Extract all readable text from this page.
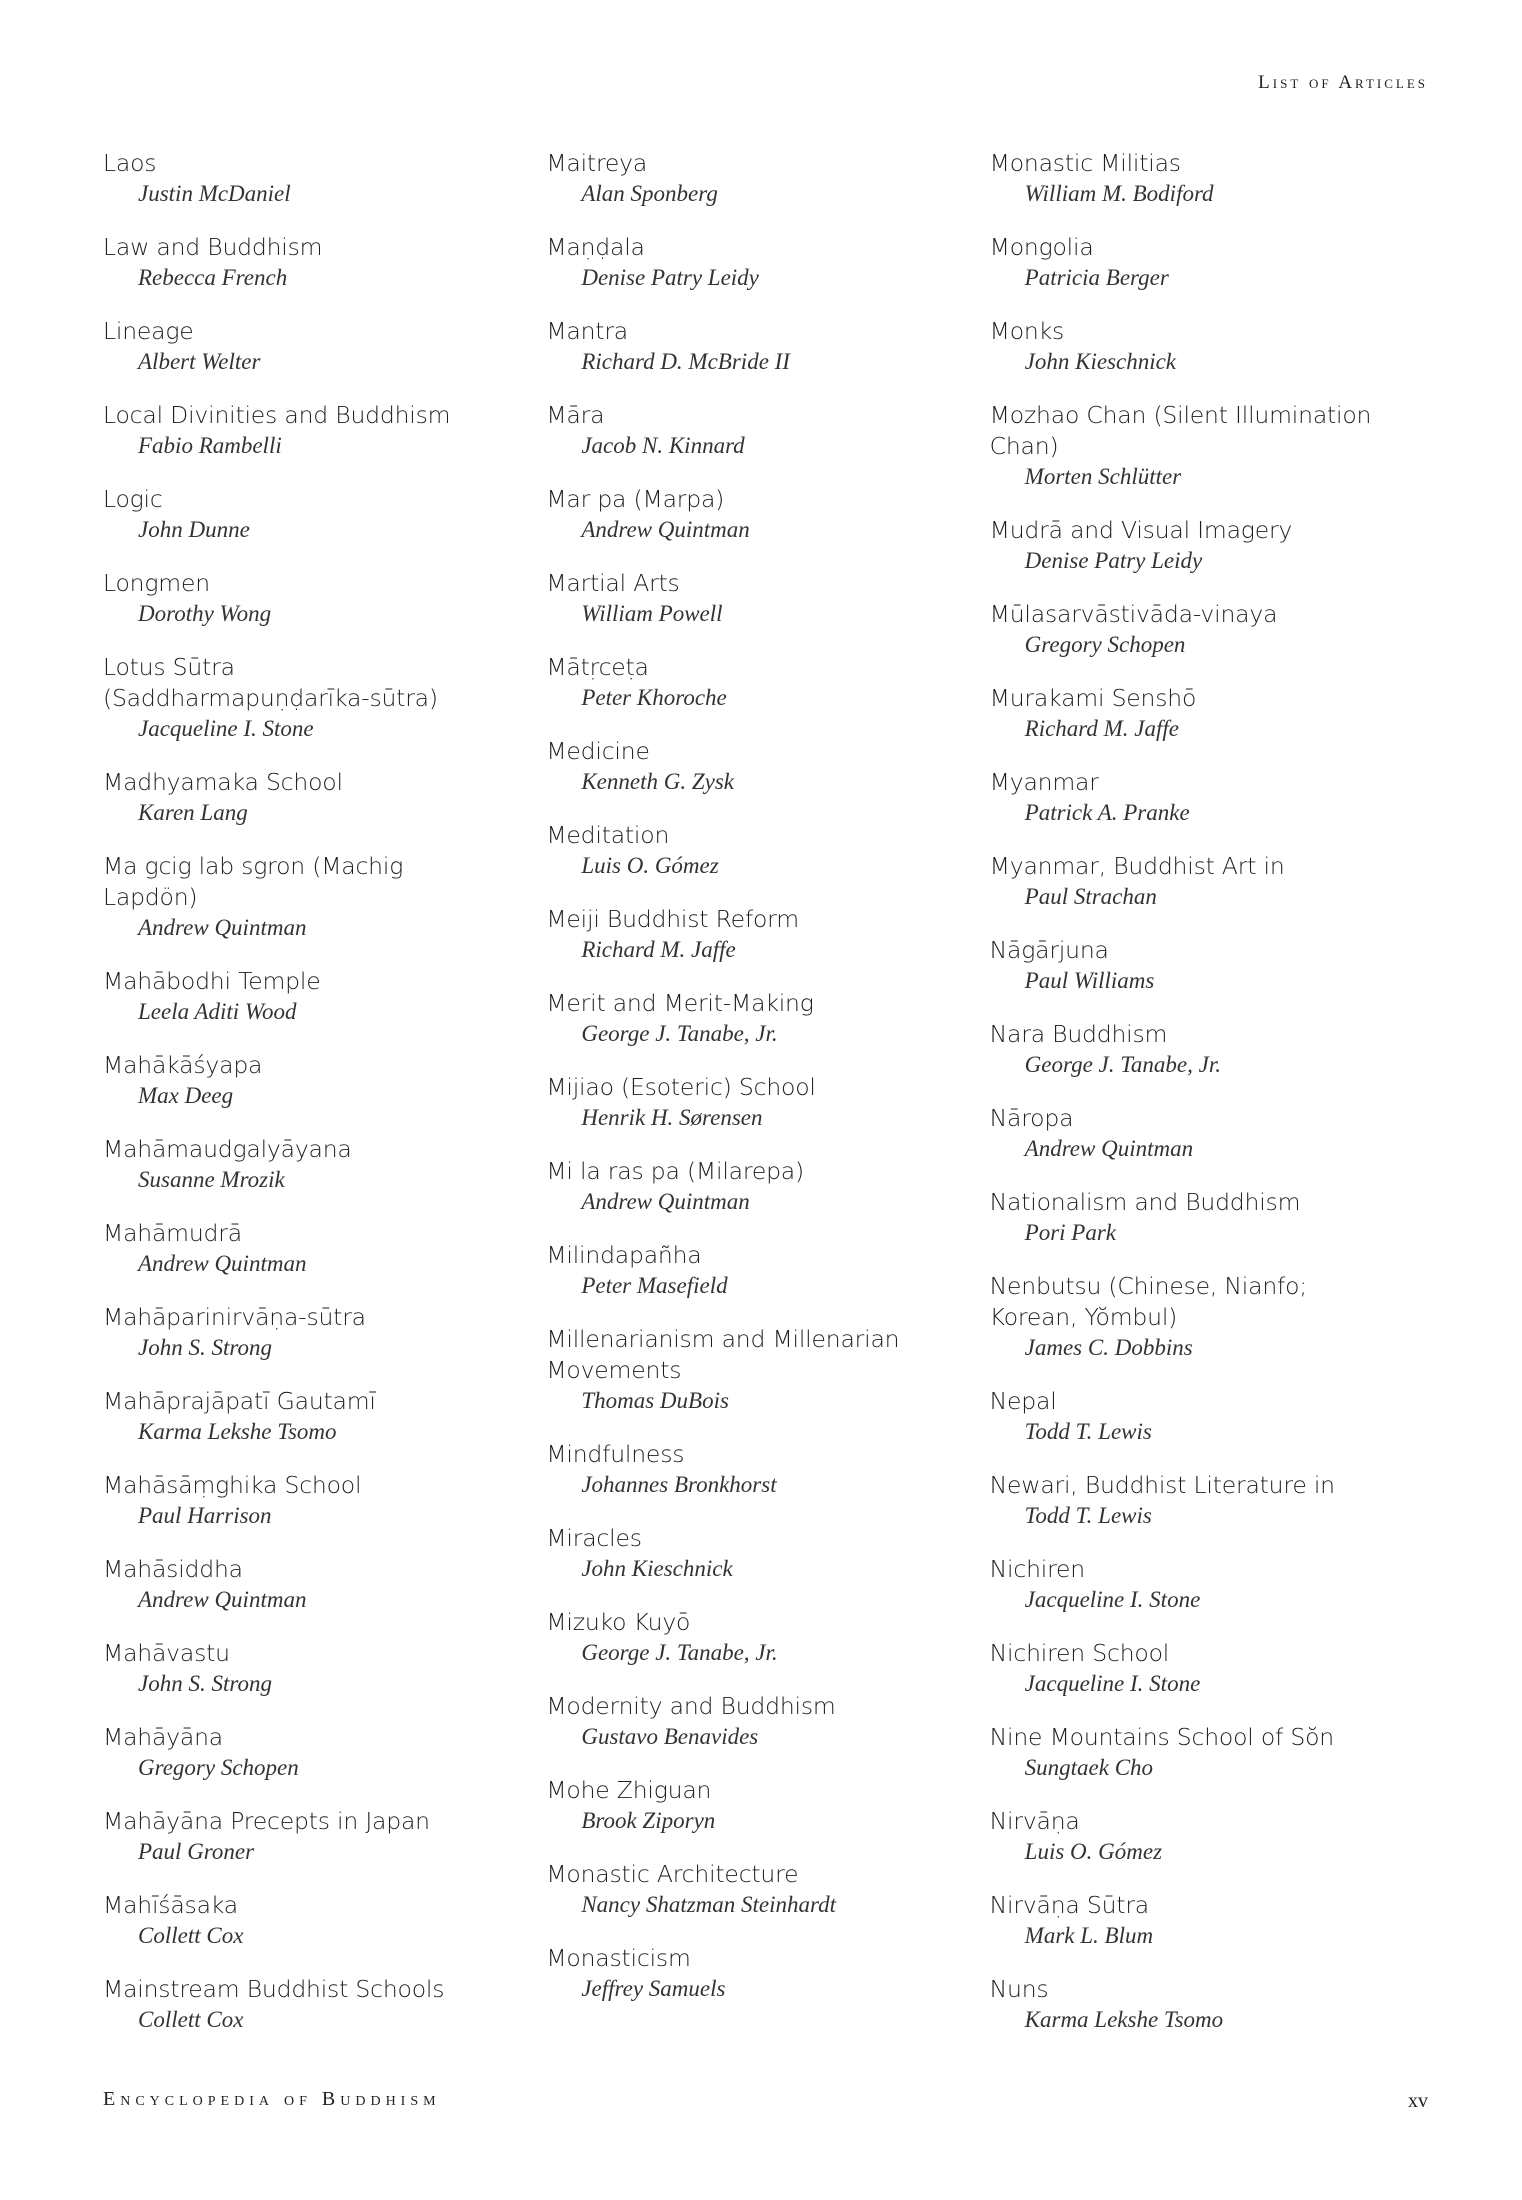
List of Articles
Laos
Justin McDaniel
Law and Buddhism
Rebecca French
Lineage
Albert Welter
Local Divinities and Buddhism
Fabio Rambelli
Logic
John Dunne
Longmen
Dorothy Wong
Lotus Sūtra (Saddharmapuṇḍarīka-sūtra)
Jacqueline I. Stone
Madhyamaka School
Karen Lang
Ma gcig lab sgron (Machig Lapdön)
Andrew Quintman
Mahābodhi Temple
Leela Aditi Wood
Mahākāśyapa
Max Deeg
Mahāmaudgalyāyana
Susanne Mrozik
Mahāmudrā
Andrew Quintman
Mahāparinirvāṇa-sūtra
John S. Strong
Mahāprajāpatī Gautamī
Karma Lekshe Tsomo
Mahāsāṃghika School
Paul Harrison
Mahāsiddha
Andrew Quintman
Mahāvastu
John S. Strong
Mahāyāna
Gregory Schopen
Mahāyāna Precepts in Japan
Paul Groner
Mahīśāsaka
Collett Cox
Mainstream Buddhist Schools
Collett Cox
Maitreya
Alan Sponberg
Maṇḍala
Denise Patry Leidy
Mantra
Richard D. McBride II
Māra
Jacob N. Kinnard
Mar pa (Marpa)
Andrew Quintman
Martial Arts
William Powell
Mātṛceṭa
Peter Khoroche
Medicine
Kenneth G. Zysk
Meditation
Luis O. Gómez
Meiji Buddhist Reform
Richard M. Jaffe
Merit and Merit-Making
George J. Tanabe, Jr.
Mijiao (Esoteric) School
Henrik H. Sørensen
Mi la ras pa (Milarepa)
Andrew Quintman
Milindapañha
Peter Masefield
Millenarianism and Millenarian Movements
Thomas DuBois
Mindfulness
Johannes Bronkhorst
Miracles
John Kieschnick
Mizuko Kuyō
George J. Tanabe, Jr.
Modernity and Buddhism
Gustavo Benavides
Mohe Zhiguan
Brook Ziporyn
Monastic Architecture
Nancy Shatzman Steinhardt
Monasticism
Jeffrey Samuels
Monastic Militias
William M. Bodiford
Mongolia
Patricia Berger
Monks
John Kieschnick
Mozhao Chan (Silent Illumination Chan)
Morten Schlütter
Mudrā and Visual Imagery
Denise Patry Leidy
Mūlasarvāstivāda-vinaya
Gregory Schopen
Murakami Senshō
Richard M. Jaffe
Myanmar
Patrick A. Pranke
Myanmar, Buddhist Art in
Paul Strachan
Nāgārjuna
Paul Williams
Nara Buddhism
George J. Tanabe, Jr.
Nāropa
Andrew Quintman
Nationalism and Buddhism
Pori Park
Nenbutsu (Chinese, Nianfo; Korean, Yŏmbul)
James C. Dobbins
Nepal
Todd T. Lewis
Newari, Buddhist Literature in
Todd T. Lewis
Nichiren
Jacqueline I. Stone
Nichiren School
Jacqueline I. Stone
Nine Mountains School of Sŏn
Sungtaek Cho
Nirvāṇa
Luis O. Gómez
Nirvāṇa Sūtra
Mark L. Blum
Nuns
Karma Lekshe Tsomo
Encyclopedia of Buddhism	xv
